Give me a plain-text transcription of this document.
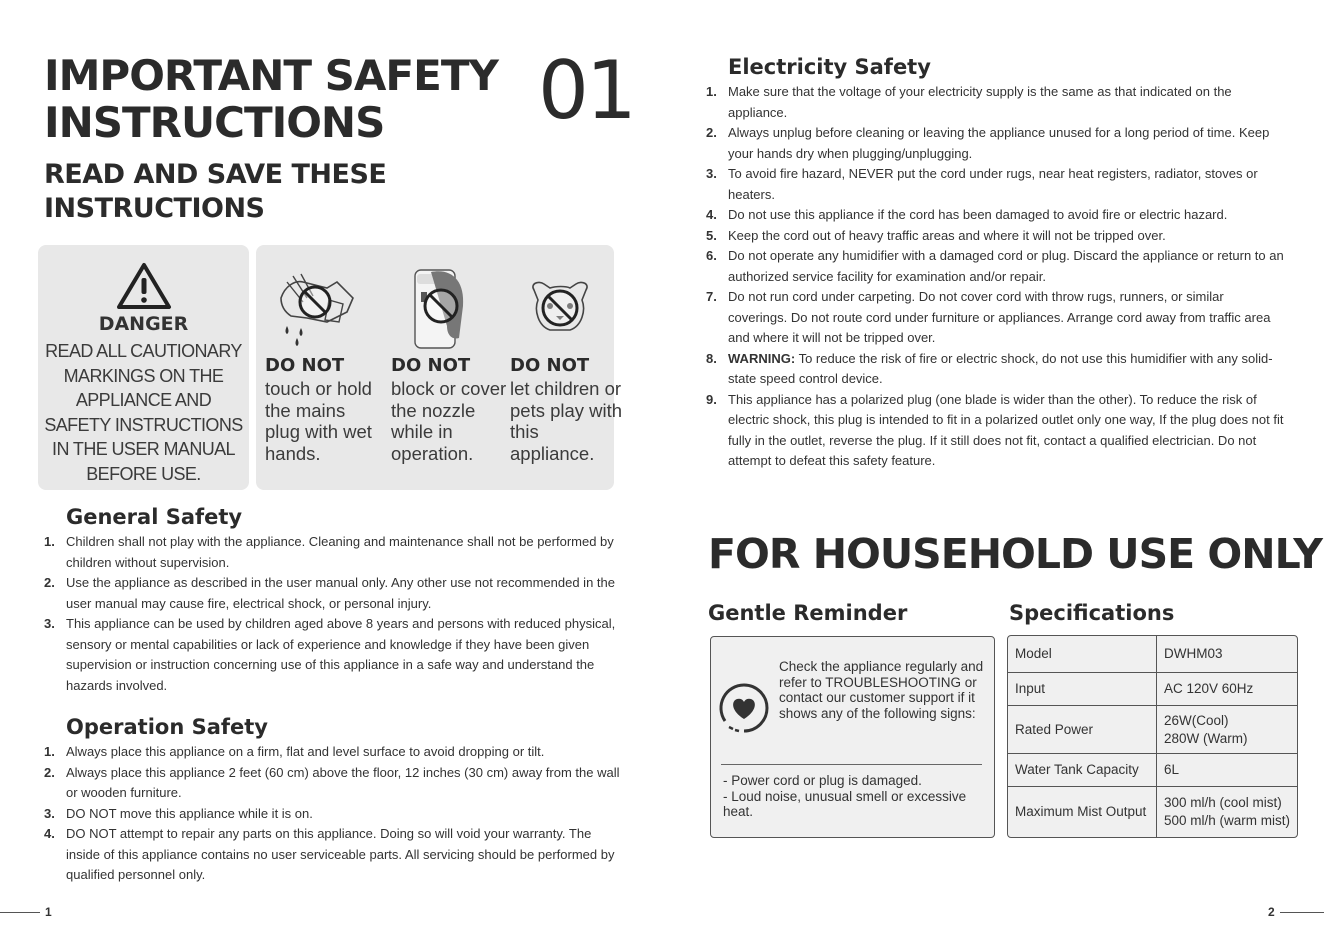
IMPORTANT SAFETY
INSTRUCTIONS	01
READ AND SAVE THESE
INSTRUCTIONS
DANGER
READ ALL CAUTIONARY MARKINGS ON THE APPLIANCE AND SAFETY INSTRUCTIONS IN THE USER MANUAL BEFORE USE.
DO NOT
touch or hold the mains plug with wet hands.
DO NOT
block or cover the nozzle while in operation.
DO NOT
let children or pets play with this appliance.
General Safety
1. Children shall not play with the appliance. Cleaning and maintenance shall not be performed by children without supervision.
2. Use the appliance as described in the user manual only. Any other use not recommended in the user manual may cause fire, electrical shock, or personal injury.
3. This appliance can be used by children aged above 8 years and persons with reduced physical, sensory or mental capabilities or lack of experience and knowledge if they have been given supervision or instruction concerning use of this appliance in a safe way and understand the hazards involved.
Operation Safety
1. Always place this appliance on a firm, flat and level surface to avoid dropping or tilt.
2. Always place this appliance 2 feet (60 cm) above the floor, 12 inches (30 cm) away from the wall or wooden furniture.
3. DO NOT move this appliance while it is on.
4. DO NOT attempt to repair any parts on this appliance. Doing so will void your warranty. The inside of this appliance contains no user serviceable parts. All servicing should be performed by qualified personnel only.
1
Electricity Safety
1. Make sure that the voltage of your electricity supply is the same as that indicated on the appliance.
2. Always unplug before cleaning or leaving the appliance unused for a long period of time. Keep your hands dry when plugging/unplugging.
3. To avoid fire hazard, NEVER put the cord under rugs, near heat registers, radiator, stoves or heaters.
4. Do not use this appliance if the cord has been damaged to avoid fire or electric hazard.
5. Keep the cord out of heavy traffic areas and where it will not be tripped over.
6. Do not operate any humidifier with a damaged cord or plug. Discard the appliance or return to an authorized service facility for examination and/or repair.
7. Do not run cord under carpeting. Do not cover cord with throw rugs, runners, or similar coverings. Do not route cord under furniture or appliances. Arrange cord away from traffic area and where it will not be tripped over.
8. WARNING: To reduce the risk of fire or electric shock, do not use this humidifier with any solid-state speed control device.
9. This appliance has a polarized plug (one blade is wider than the other). To reduce the risk of electric shock, this plug is intended to fit in a polarized outlet only one way, If the plug does not fit fully in the outlet, reverse the plug. If it still does not fit, contact a qualified electrician. Do not attempt to defeat this safety feature.
FOR HOUSEHOLD USE ONLY
Gentle Reminder
Check the appliance regularly and refer to TROUBLESHOOTING or contact our customer support if it shows any of the following signs:
- Power cord or plug is damaged.
- Loud noise, unusual smell or excessive heat.
Specifications
Model	DWHM03

Input	AC 120V 60Hz

Rated Power	26W(Cool)
280W (Warm)

Water Tank Capacity	6L

Maximum Mist Output	300 ml/h (cool mist)
500 ml/h (warm mist)
2
